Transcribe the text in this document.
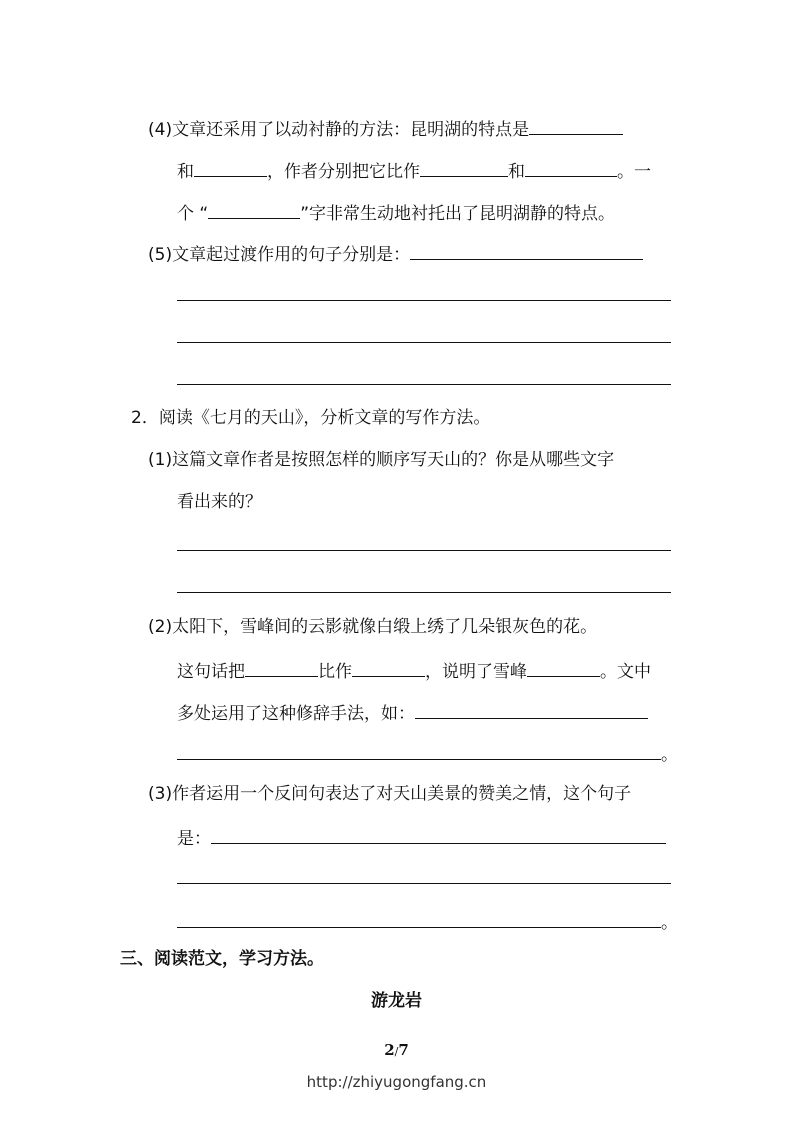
(4)文章还采用了以动衬静的方法：昆明湖的特点是
和	，作者分别把它比作	和	。一
个 “	”字非常生动地衬托出了昆明湖静的特点。
(5)文章起过渡作用的句子分别是：
2．阅读《七月的天山》，分析文章的写作方法。
(1)这篇文章作者是按照怎样的顺序写天山的？你是从哪些文字
看出来的？
(2)太阳下，雪峰间的云影就像白缎上绣了几朵银灰色的花。
这句话把	比作	，说明了雪峰	。文中
多处运用了这种修辞手法，如：
。
(3)作者运用一个反问句表达了对天山美景的赞美之情，这个句子
是：
。
三、阅读范文，学习方法。
游龙岩
2/7
http://zhiyugongfang.cn
